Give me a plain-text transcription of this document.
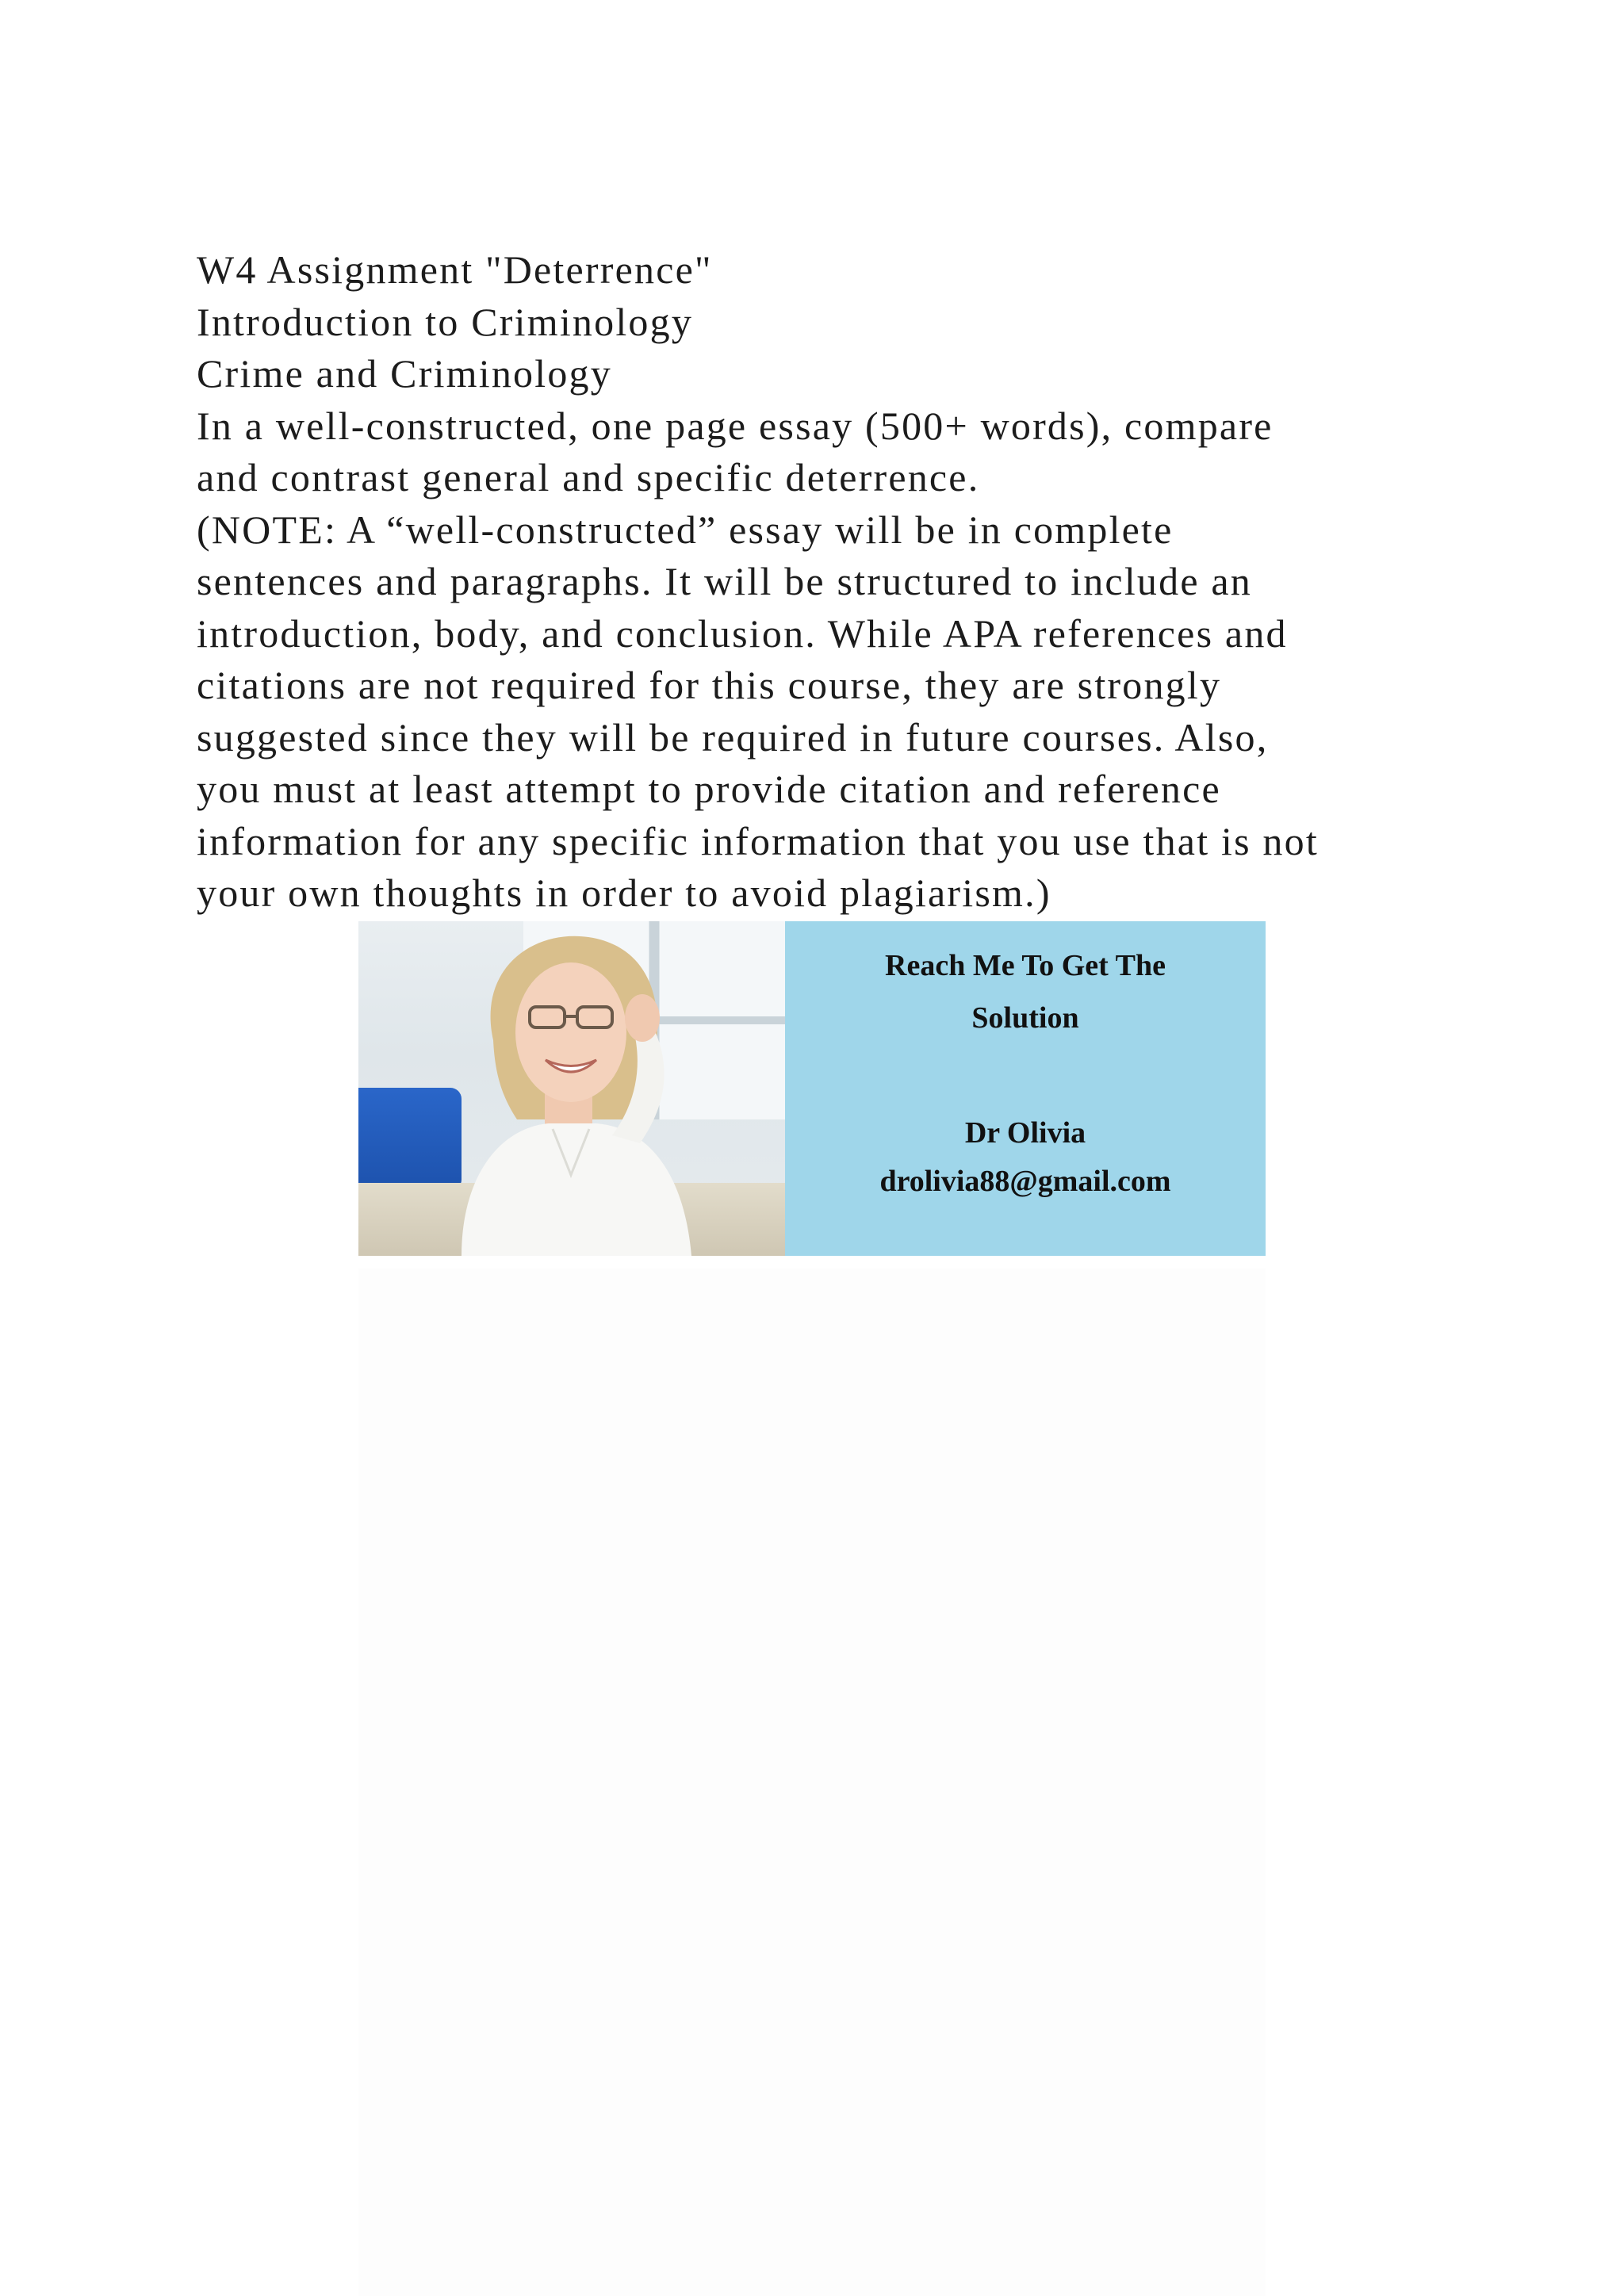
W4 Assignment "Deterrence"
Introduction to Criminology
Crime and Criminology
In a well-constructed, one page essay (500+ words), compare
and contrast general and specific deterrence.
(NOTE: A “well-constructed” essay will be in complete
sentences and paragraphs. It will be structured to include an
introduction, body, and conclusion. While APA references and
citations are not required for this course, they are strongly
suggested since they will be required in future courses. Also,
you must at least attempt to provide citation and reference
information for any specific information that you use that is not
your own thoughts in order to avoid plagiarism.)
Reach Me To Get The
Solution
Dr Olivia
drolivia88@gmail.com
